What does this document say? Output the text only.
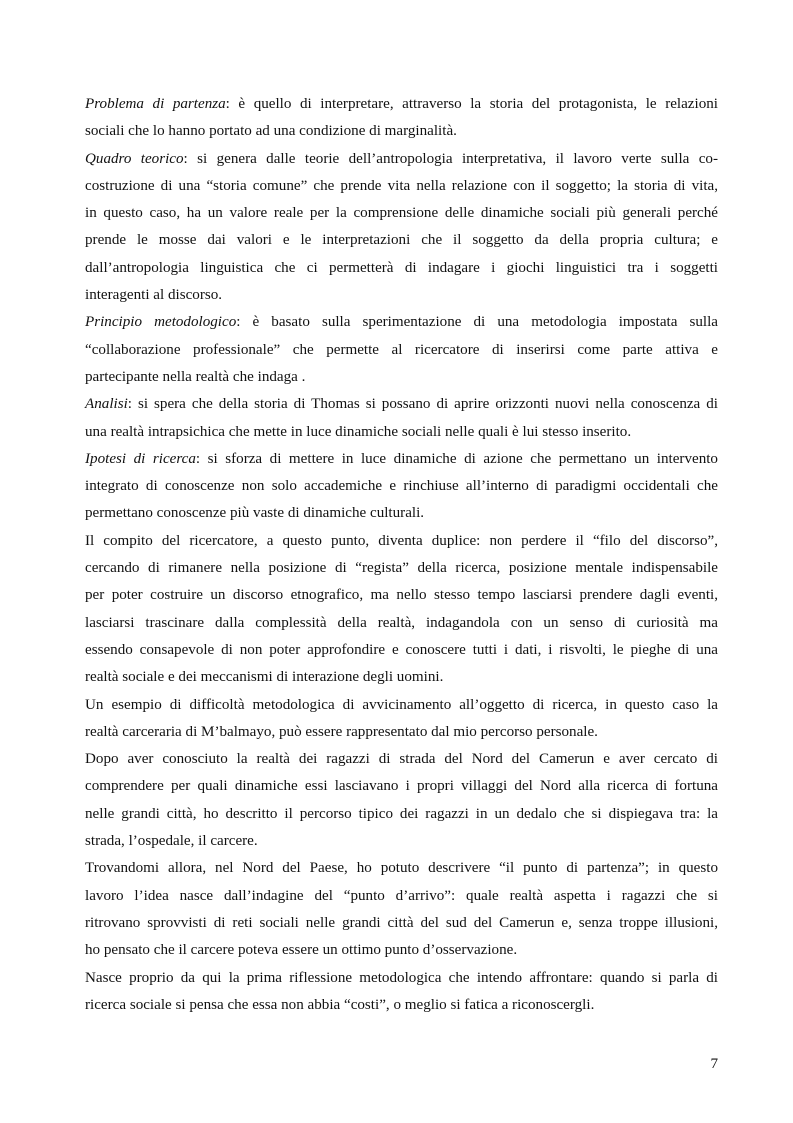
Problema di partenza: è quello di interpretare, attraverso la storia del protagonista, le relazioni
sociali che lo hanno portato ad una condizione di marginalità.
Quadro teorico: si genera dalle teorie dell’antropologia interpretativa, il lavoro verte sulla co-
costruzione di una “storia comune” che prende vita nella relazione con il soggetto; la storia di vita,
in questo caso, ha un valore reale per la comprensione delle dinamiche sociali più generali perché
prende le mosse dai valori e le interpretazioni che il soggetto da della propria cultura; e
dall’antropologia linguistica che ci permetterà di indagare i giochi linguistici tra i soggetti
interagenti al discorso.
Principio metodologico: è basato sulla sperimentazione di una metodologia impostata sulla
“collaborazione professionale” che permette al ricercatore di inserirsi come parte attiva e
partecipante nella realtà che indaga .
Analisi: si spera che della storia di Thomas si possano di aprire orizzonti nuovi nella conoscenza di
una realtà intrapsichica che mette in luce dinamiche sociali nelle quali è lui stesso inserito.
Ipotesi di ricerca: si sforza di mettere in luce dinamiche di azione che permettano un intervento
integrato di conoscenze non solo accademiche e rinchiuse all’interno di paradigmi occidentali che
permettano conoscenze più vaste di dinamiche culturali.
Il compito del ricercatore, a questo punto, diventa duplice: non perdere il “filo del discorso”,
cercando di rimanere nella posizione di “regista” della ricerca, posizione mentale indispensabile
per poter costruire un discorso etnografico, ma nello stesso tempo lasciarsi prendere dagli eventi,
lasciarsi trascinare dalla complessità della realtà, indagandola con un senso di curiosità ma
essendo consapevole di non poter approfondire e conoscere tutti i dati, i risvolti, le pieghe di una
realtà sociale e dei meccanismi di interazione degli uomini.
Un esempio di difficoltà metodologica di avvicinamento all’oggetto di ricerca, in questo caso la
realtà carceraria di M’balmayo, può essere rappresentato dal mio percorso personale.
Dopo aver conosciuto la realtà dei ragazzi di strada del Nord del Camerun e aver cercato di
comprendere per quali dinamiche essi lasciavano i propri villaggi del Nord alla ricerca di fortuna
nelle grandi città, ho descritto il percorso tipico dei ragazzi in un dedalo che si dispiegava tra: la
strada, l’ospedale, il carcere.
Trovandomi allora, nel Nord del Paese, ho potuto descrivere “il punto di partenza”; in questo
lavoro l’idea nasce dall’indagine del “punto d’arrivo”: quale realtà aspetta i ragazzi che si
ritrovano sprovvisti di reti sociali nelle grandi città del sud del Camerun e, senza troppe illusioni,
ho pensato che il carcere poteva essere un ottimo punto d’osservazione.
Nasce proprio da qui la prima riflessione metodologica che intendo affrontare: quando si parla di
ricerca sociale si pensa che essa non abbia “costi”, o meglio si fatica a riconoscergli.
7
